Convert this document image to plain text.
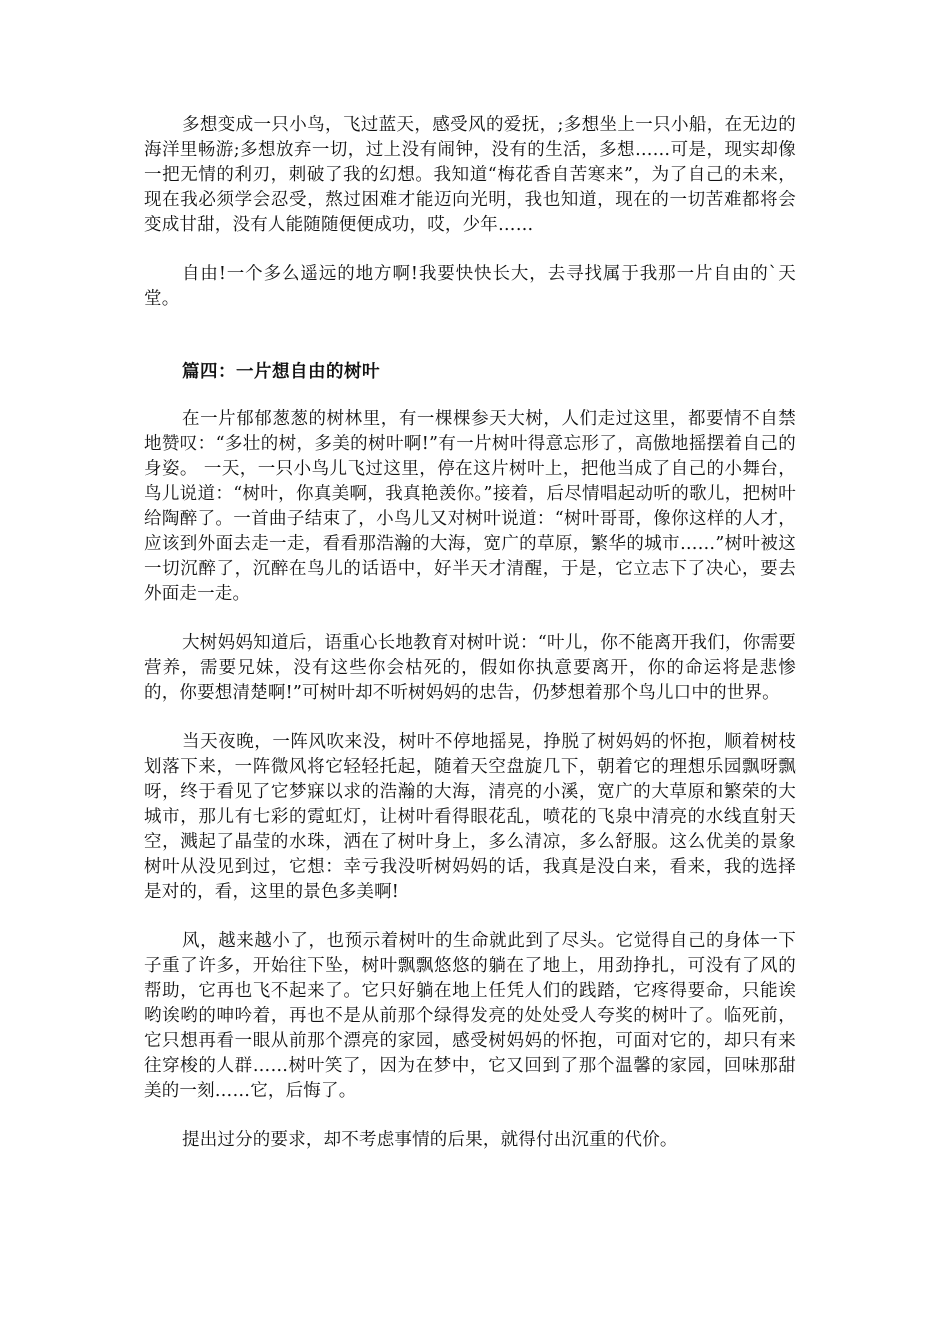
多想变成一只小鸟，飞过蓝天，感受风的爱抚，;多想坐上一只小船，在无边的海洋里畅游;多想放弃一切，过上没有闹钟，没有的生活，多想……可是，现实却像一把无情的利刃，刺破了我的幻想。我知道“梅花香自苦寒来”，为了自己的未来，现在我必须学会忍受，熬过困难才能迈向光明，我也知道，现在的一切苦难都将会变成甘甜，没有人能随随便便成功，哎，少年……

自由!一个多么遥远的地方啊!我要快快长大，去寻找属于我那一片自由的`天堂。

篇四：一片想自由的树叶

在一片郁郁葱葱的树林里，有一棵棵参天大树，人们走过这里，都要情不自禁地赞叹：“多壮的树，多美的树叶啊!”有一片树叶得意忘形了，高傲地摇摆着自己的身姿。 一天，一只小鸟儿飞过这里，停在这片树叶上，把他当成了自己的小舞台，鸟儿说道：“树叶，你真美啊，我真艳羡你。”接着，后尽情唱起动听的歌儿，把树叶给陶醉了。一首曲子结束了，小鸟儿又对树叶说道：“树叶哥哥，像你这样的人才，应该到外面去走一走，看看那浩瀚的大海，宽广的草原，繁华的城市……”树叶被这一切沉醉了，沉醉在鸟儿的话语中，好半天才清醒，于是，它立志下了决心，要去外面走一走。

大树妈妈知道后，语重心长地教育对树叶说：“叶儿，你不能离开我们，你需要营养，需要兄妹，没有这些你会枯死的，假如你执意要离开，你的命运将是悲惨的，你要想清楚啊!”可树叶却不听树妈妈的忠告，仍梦想着那个鸟儿口中的世界。

当天夜晚，一阵风吹来没，树叶不停地摇晃，挣脱了树妈妈的怀抱，顺着树枝划落下来，一阵微风将它轻轻托起，随着天空盘旋几下，朝着它的理想乐园飘呀飘呀，终于看见了它梦寐以求的浩瀚的大海，清亮的小溪，宽广的大草原和繁荣的大城市，那儿有七彩的霓虹灯，让树叶看得眼花乱，喷花的飞泉中清亮的水线直射天空，溅起了晶莹的水珠，洒在了树叶身上，多么清凉，多么舒服。这么优美的景象树叶从没见到过，它想：幸亏我没听树妈妈的话，我真是没白来，看来，我的选择是对的，看，这里的景色多美啊!

风，越来越小了，也预示着树叶的生命就此到了尽头。它觉得自己的身体一下子重了许多，开始往下坠，树叶飘飘悠悠的躺在了地上，用劲挣扎，可没有了风的帮助，它再也飞不起来了。它只好躺在地上任凭人们的践踏，它疼得要命，只能诶哟诶哟的呻吟着，再也不是从前那个绿得发亮的处处受人夸奖的树叶了。临死前，它只想再看一眼从前那个漂亮的家园，感受树妈妈的怀抱，可面对它的，却只有来往穿梭的人群……树叶笑了，因为在梦中，它又回到了那个温馨的家园，回味那甜美的一刻……它，后悔了。

提出过分的要求，却不考虑事情的后果，就得付出沉重的代价。
